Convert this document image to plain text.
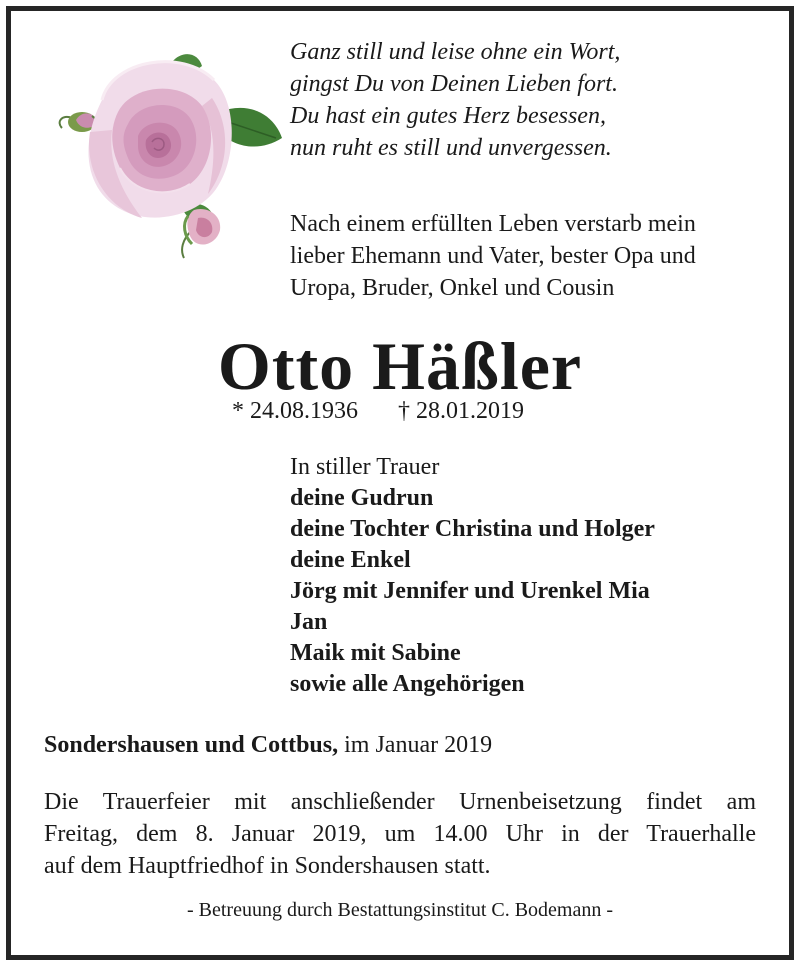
Ganz still und leise ohne ein Wort,
gingst Du von Deinen Lieben fort.
Du hast ein gutes Herz besessen,
nun ruht es still und unvergessen.
Nach einem erfüllten Leben verstarb mein
lieber Ehemann und Vater, bester Opa und
Uropa, Bruder, Onkel und Cousin
Otto Häßler
* 24.08.1936 † 28.01.2019
In stiller Trauer
deine Gudrun
deine Tochter Christina und Holger
deine Enkel
Jörg mit Jennifer und Urenkel Mia
Jan
Maik mit Sabine
sowie alle Angehörigen
Sondershausen und Cottbus, im Januar 2019
Die Trauerfeier mit anschließender Urnenbeisetzung findet am
Freitag, dem 8. Januar 2019, um 14.00 Uhr in der Trauerhalle
auf dem Hauptfriedhof in Sondershausen statt.
- Betreuung durch Bestattungsinstitut C. Bodemann -
